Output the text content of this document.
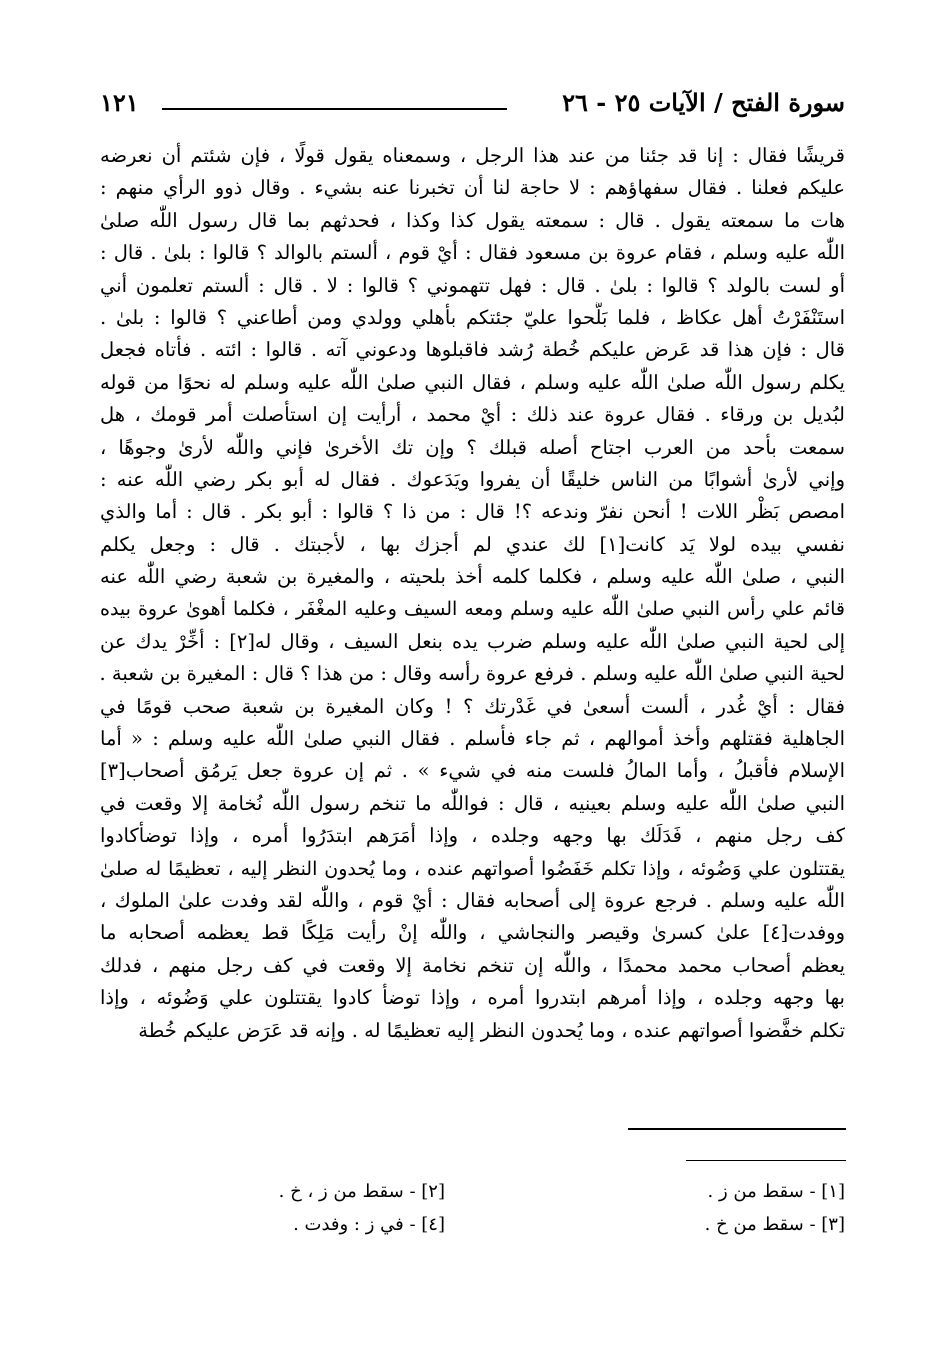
سورة الفتح / الآيات ٢٥ - ٢٦
١٢١
قريشًا فقال : إنا قد جئنا من عند هذا الرجل ، وسمعناه يقول قولًا ، فإن شئتم أن نعرضه
عليكم فعلنا . فقال سفهاؤهم : لا حاجة لنا أن تخبرنا عنه بشيء . وقال ذوو الرأي منهم :
هات ما سمعته يقول . قال : سمعته يقول كذا وكذا ، فحدثهم بما قال رسول اللّٰه صلىٰ
اللّٰه عليه وسلم ، فقام عروة بن مسعود فقال : أيْ قوم ، ألستم بالوالد ؟ قالوا : بلىٰ . قال :
أو لست بالولد ؟ قالوا : بلىٰ . قال : فهل تتهموني ؟ قالوا : لا . قال : ألستم تعلمون أني
استَنْفَرْتُ أهل عكاظ ، فلما بَلَّحوا عليّ جئتكم بأهلي وولدي ومن أطاعني ؟ قالوا : بلىٰ .
قال : فإن هذا قد عَرض عليكم خُطة رُشد فاقبلوها ودعوني آته . قالوا : ائته . فأتاه فجعل
يكلم رسول اللّٰه صلىٰ اللّٰه عليه وسلم ، فقال النبي صلىٰ اللّٰه عليه وسلم له نحوًا من قوله
لبُديل بن ورقاء . فقال عروة عند ذلك : أيْ محمد ، أرأيت إن استأصلت أمر قومك ، هل
سمعت بأحد من العرب اجتاح أصله قبلك ؟ وإن تك الأخرىٰ فإني واللّٰه لأرىٰ وجوهًا ،
وإني لأرىٰ أشوابًا من الناس خليقًا أن يفروا ويَدَعوك . فقال له أبو بكر رضي اللّٰه عنه :
امصص بَظْر اللات ! أنحن نفرّ وندعه ؟! قال : من ذا ؟ قالوا : أبو بكر . قال : أما والذي
نفسي بيده لولا يَد كانت[١] لك عندي لم أجزك بها ، لأجبتك . قال : وجعل يكلم
النبي ، صلىٰ اللّٰه عليه وسلم ، فكلما كلمه أخذ بلحيته ، والمغيرة بن شعبة رضي اللّٰه عنه
قائم علي رأس النبي صلىٰ اللّٰه عليه وسلم ومعه السيف وعليه المغْفَر ، فكلما أهوىٰ عروة بيده
إلى لحية النبي صلىٰ اللّٰه عليه وسلم ضرب يده بنعل السيف ، وقال له[٢] : أخِّرْ يدك عن
لحية النبي صلىٰ اللّٰه عليه وسلم . فرفع عروة رأسه وقال : من هذا ؟ قال : المغيرة بن شعبة .
فقال : أيْ غُدر ، ألست أسعىٰ في غَدْرتك ؟ ! وكان المغيرة بن شعبة صحب قومًا في
الجاهلية فقتلهم وأخذ أموالهم ، ثم جاء فأسلم . فقال النبي صلىٰ اللّٰه عليه وسلم : « أما
الإسلام فأقبلُ ، وأما المالُ فلست منه في شيء » . ثم إن عروة جعل يَرمُق أصحاب[٣]
النبي صلىٰ اللّٰه عليه وسلم بعينيه ، قال : فواللّٰه ما تنخم رسول اللّٰه نُخامة إلا وقعت في
كف رجل منهم ، فَدَلَك بها وجهه وجلده ، وإذا أمَرَهم ابتدَرُوا أمره ، وإذا توضأكادوا
يقتتلون علي وَضُوئه ، وإذا تكلم خَفَضُوا أصواتهم عنده ، وما يُحدون النظر إليه ، تعظيمًا له صلىٰ
اللّٰه عليه وسلم . فرجع عروة إلى أصحابه فقال : أيْ قوم ، واللّٰه لقد وفدت علىٰ الملوك ،
ووفدت[٤] علىٰ كسرىٰ وقيصر والنجاشي ، واللّٰه إنْ رأيت مَلِكًا قط يعظمه أصحابه ما
يعظم أصحاب محمد محمدًا ، واللّٰه إن تنخم نخامة إلا وقعت في كف رجل منهم ، فدلك
بها وجهه وجلده ، وإذا أمرهم ابتدروا أمره ، وإذا توضأ كادوا يقتتلون علي وَضُوئه ، وإذا
تكلم خفَّضوا أصواتهم عنده ، وما يُحدون النظر إليه تعظيمًا له . وإنه قد عَرَض عليكم خُطة
[١] - سقط من ز .
[٢] - سقط من ز ، خ .
[٣] - سقط من خ .
[٤] - في ز : وفدت .
